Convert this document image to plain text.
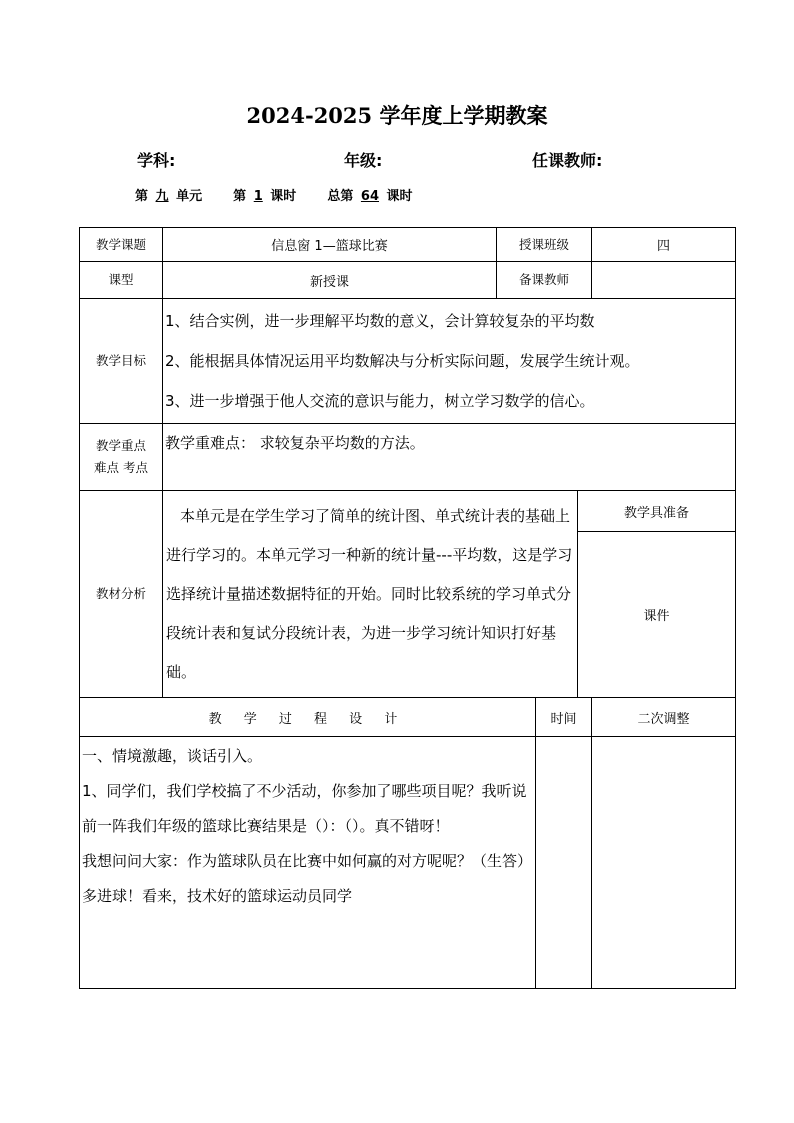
2024-2025 学年度上学期教案
学科:	年级:	任课教师:
第 九 单元 第 1 课时 总第 64 课时
教学课题	信息窗 1—篮球比赛	授课班级			四
课型	新授课	备课教师			
教学目标	1、结合实例，进一步理解平均数的意义，会计算较复杂的平均数

2、能根据具体情况运用平均数解决与分析实际问题，发展学生统计观。

3、进一步增强于他人交流的意识与能力，树立学习数学的信心。				

教学重点
难点 考点	教学重难点： 求较复杂平均数的方法。				
教材分析	本单元是在学生学习了简单的统计图、单式统计表的基础上进行学习的。本单元学习一种新的统计量---平均数，这是学习选择统计量描述数据特征的开始。同时比较系统的学习单式分段统计表和复试分段统计表，为进一步学习统计知识打好基础。			教学具准备	
				课件	
教 学 过 程 设 计			时间		二次调整

一、情境激趣，谈话引入。

1、同学们，我们学校搞了不少活动，你参加了哪些项目呢？我听说前一阵我们年级的篮球比赛结果是（）：（）。真不错呀！

我想问问大家：作为篮球队员在比赛中如何赢的对方呢呢？（生答）多进球！看来，技术好的篮球运动员同学					
